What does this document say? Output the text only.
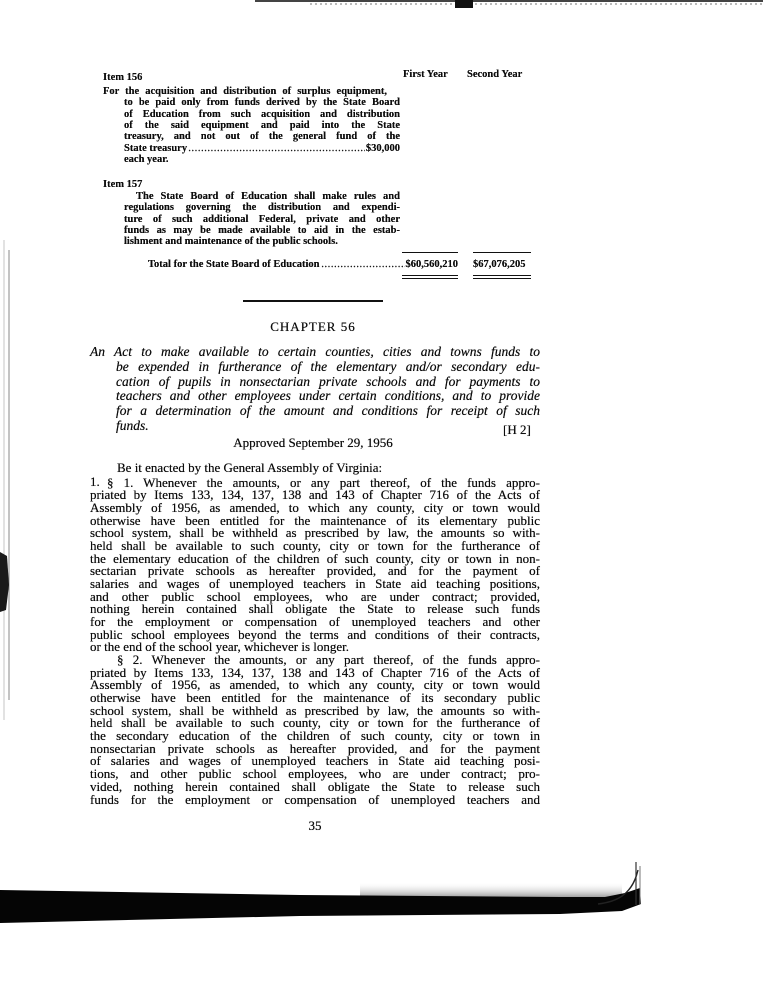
First Year Second Year
Item 156
For the acquisition and distribution of surplus equipment,
to be paid only from funds derived by the State Board
of Education from such acquisition and distribution
of the said equipment and paid into the State
treasury, and not out of the general fund of the
State treasury	$30,000
each year.
Item 157
The State Board of Education shall make rules and
regulations governing the distribution and expendi-
ture of such additional Federal, private and other
funds as may be made available to aid in the estab-
lishment and maintenance of the public schools.
Total for the State Board of Education	$60,560,210 $67,076,205
CHAPTER 56
An Act to make available to certain counties, cities and towns funds to
be expended in furtherance of the elementary and/or secondary edu-
cation of pupils in nonsectarian private schools and for payments to
teachers and other employees under certain conditions, and to provide
for a determination of the amount and conditions for receipt of such
funds.	[H 2]
Approved September 29, 1956
Be it enacted by the General Assembly of Virginia:
1. § 1. Whenever the amounts, or any part thereof, of the funds appro-
priated by Items 133, 134, 137, 138 and 143 of Chapter 716 of the Acts of
Assembly of 1956, as amended, to which any county, city or town would
otherwise have been entitled for the maintenance of its elementary public
school system, shall be withheld as prescribed by law, the amounts so with-
held shall be available to such county, city or town for the furtherance of
the elementary education of the children of such county, city or town in non-
sectarian private schools as hereafter provided, and for the payment of
salaries and wages of unemployed teachers in State aid teaching positions,
and other public school employees, who are under contract; provided,
nothing herein contained shall obligate the State to release such funds
for the employment or compensation of unemployed teachers and other
public school employees beyond the terms and conditions of their contracts,
or the end of the school year, whichever is longer.
§ 2. Whenever the amounts, or any part thereof, of the funds appro-
priated by Items 133, 134, 137, 138 and 143 of Chapter 716 of the Acts of
Assembly of 1956, as amended, to which any county, city or town would
otherwise have been entitled for the maintenance of its secondary public
school system, shall be withheld as prescribed by law, the amounts so with-
held shall be available to such county, city or town for the furtherance of
the secondary education of the children of such county, city or town in
nonsectarian private schools as hereafter provided, and for the payment
of salaries and wages of unemployed teachers in State aid teaching posi-
tions, and other public school employees, who are under contract; pro-
vided, nothing herein contained shall obligate the State to release such
funds for the employment or compensation of unemployed teachers and
35
